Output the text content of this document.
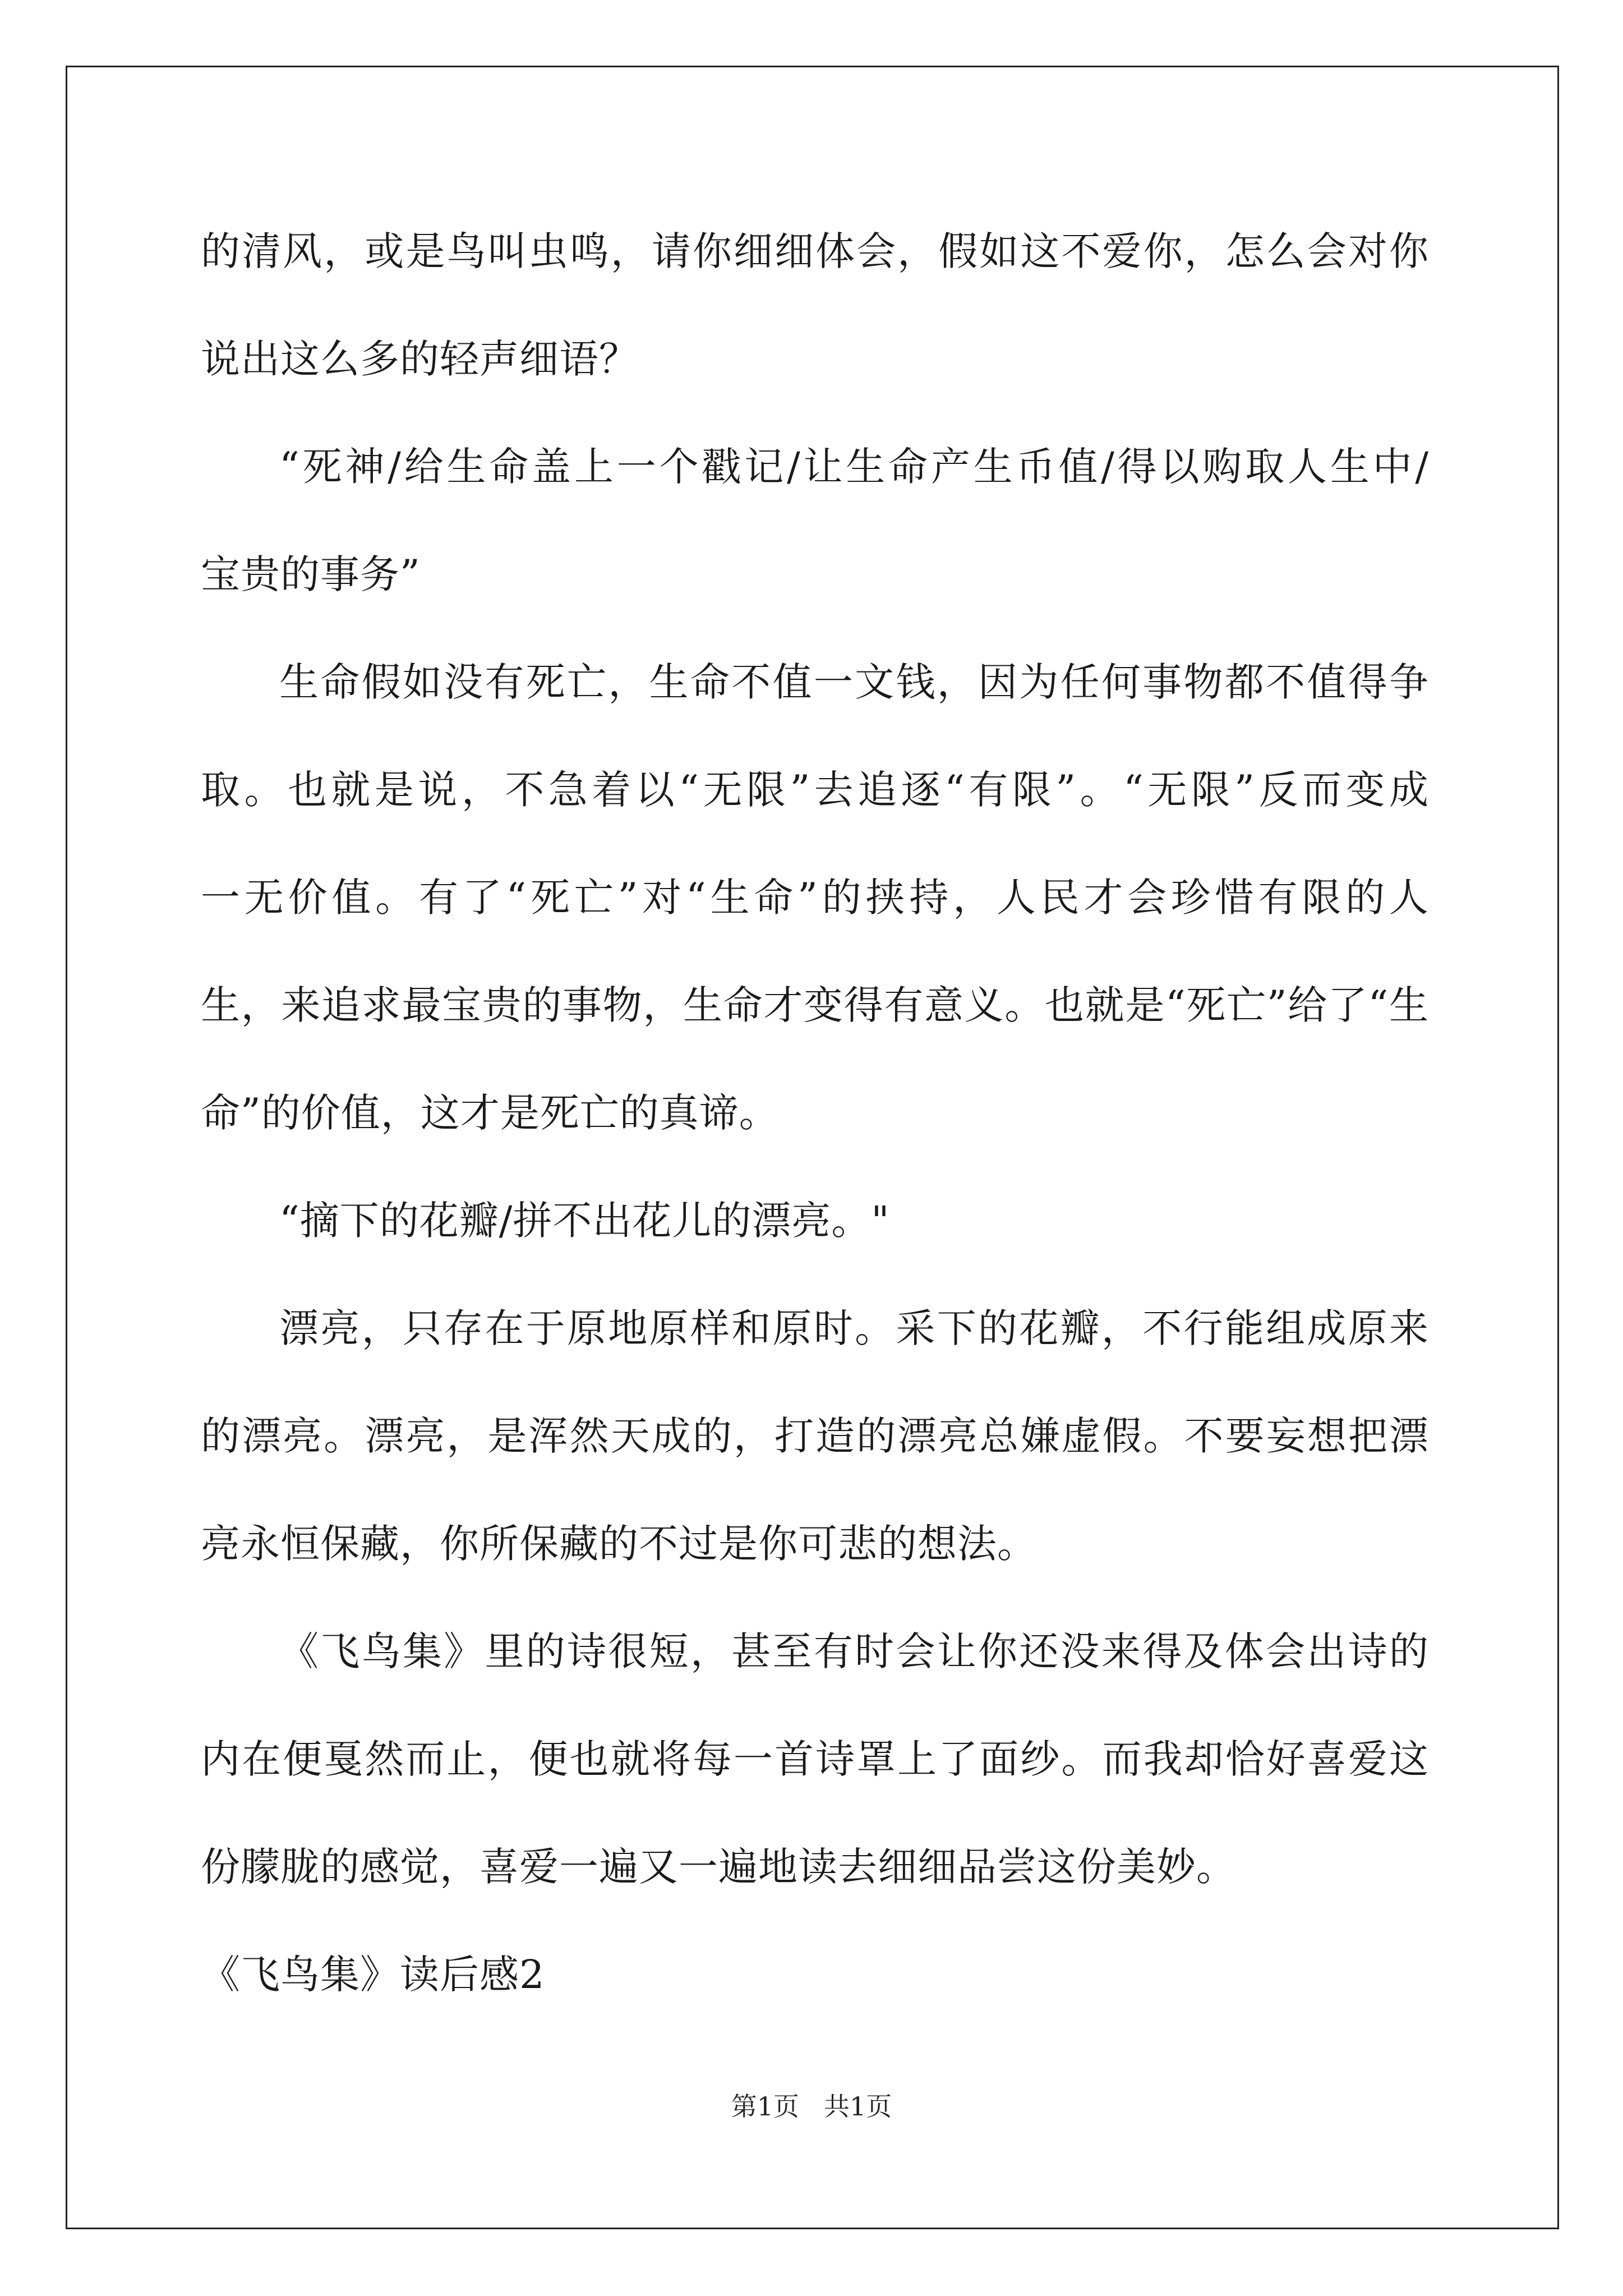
的清风，或是鸟叫虫鸣，请你细细体会，假如这不爱你，怎么会对你
说出这么多的轻声细语？
“死神/给生命盖上一个戳记/让生命产生币值/得以购取人生中/
宝贵的事务”
生命假如没有死亡，生命不值一文钱，因为任何事物都不值得争
取。也就是说，不急着以“无限”去追逐“有限”。“无限”反而变成
一无价值。有了“死亡”对“生命”的挟持，人民才会珍惜有限的人
生，来追求最宝贵的事物，生命才变得有意义。也就是“死亡”给了“生
命”的价值，这才是死亡的真谛。
“摘下的花瓣/拼不出花儿的漂亮。"
漂亮，只存在于原地原样和原时。采下的花瓣，不行能组成原来
的漂亮。漂亮，是浑然天成的，打造的漂亮总嫌虚假。不要妄想把漂
亮永恒保藏，你所保藏的不过是你可悲的想法。
《飞鸟集》里的诗很短，甚至有时会让你还没来得及体会出诗的
内在便戛然而止，便也就将每一首诗罩上了面纱。而我却恰好喜爱这
份朦胧的感觉，喜爱一遍又一遍地读去细细品尝这份美妙。
《飞鸟集》读后感2
第1页 共1页
